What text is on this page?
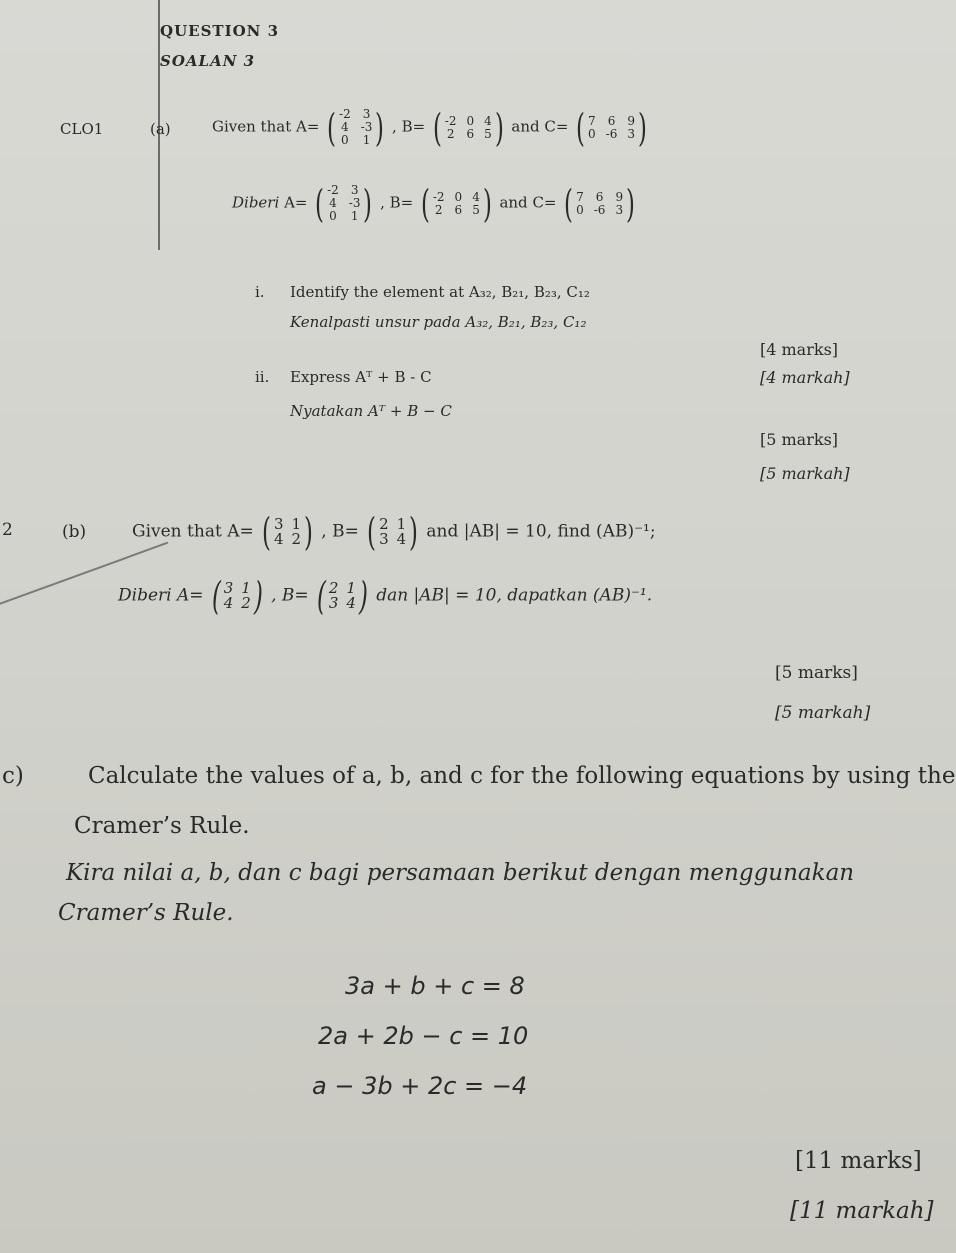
QUESTION 3
SOALAN 3
CLO1	(a)	Given that A= ( -2 3
4 -3
0 1 ) , B= ( -2 0 4
2 6 5 ) and C= ( 7 6 9
0 -6 3 )
Diberi A= ( -2 3
4 -3
0 1 ) , B= ( -2 0 4
2 6 5 ) and C= ( 7 6 9
0 -6 3 )
i. Identify the element at A₃₂, B₂₁, B₂₃, C₁₂
Kenalpasti unsur pada A₃₂, B₂₁, B₂₃, C₁₂
[4 marks]
ii. Express Aᵀ + B - C	[4 markah]
Nyatakan Aᵀ + B − C
[5 marks]
[5 markah]
2	(b)	Given that A= ( 3 1
4 2 ) , B= ( 2 1
3 4 ) and |AB| = 10, find (AB)⁻¹;
Diberi A= ( 3 1
4 2 ) , B= ( 2 1
3 4 ) dan |AB| = 10, dapatkan (AB)⁻¹.
[5 marks]
[5 markah]
c)	Calculate the values of a, b, and c for the following equations by using the
Cramer’s Rule.
Kira nilai a, b, dan c bagi persamaan berikut dengan menggunakan
Cramer’s Rule.
3a + b + c = 8
2a + 2b − c = 10
a − 3b + 2c = −4
[11 marks]
[11 markah]
